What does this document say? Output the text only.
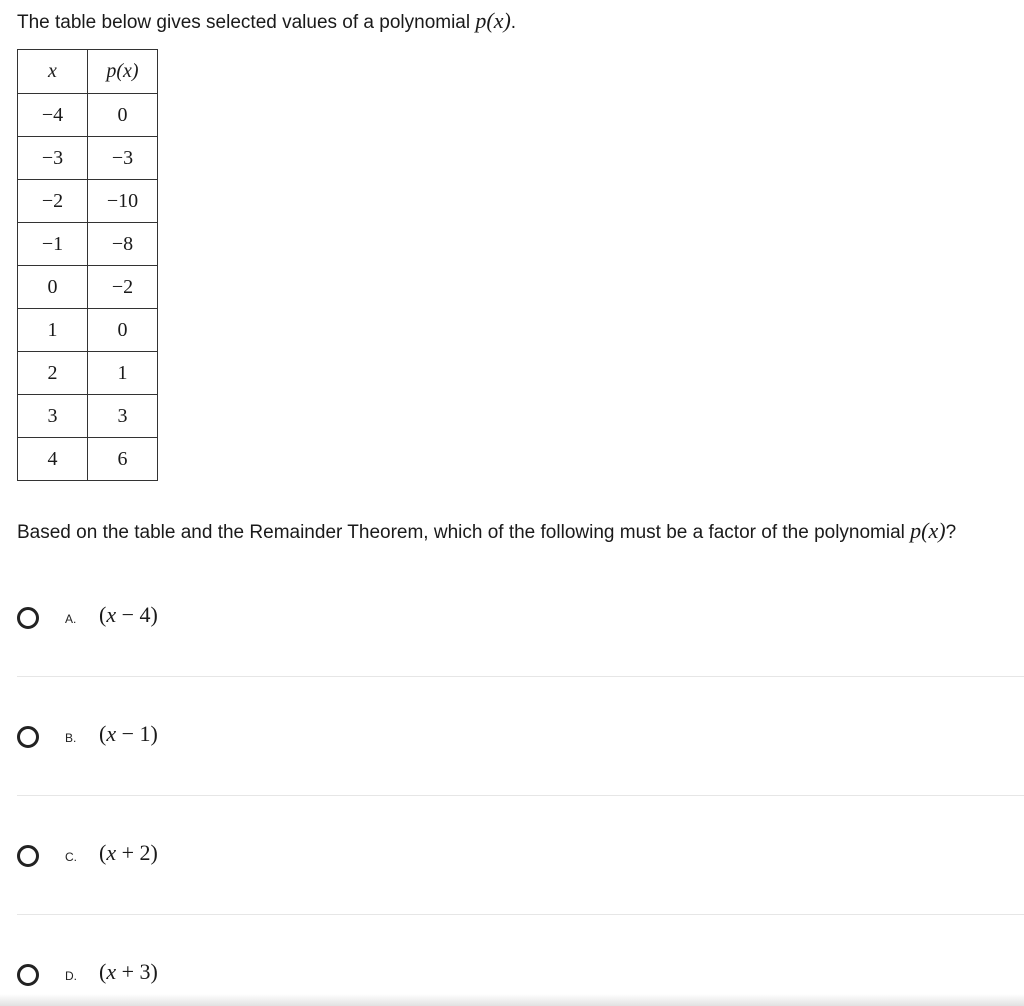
The table below gives selected values of a polynomial p(x).
x	p(x)
−4	0
−3	−3
−2	−10
−1	−8
0	−2
1	0
2	1
3	3
4	6
Based on the table and the Remainder Theorem, which of the following must be a factor of the polynomial p(x)?
A. (x − 4)
B. (x − 1)
C. (x + 2)
D. (x + 3)
